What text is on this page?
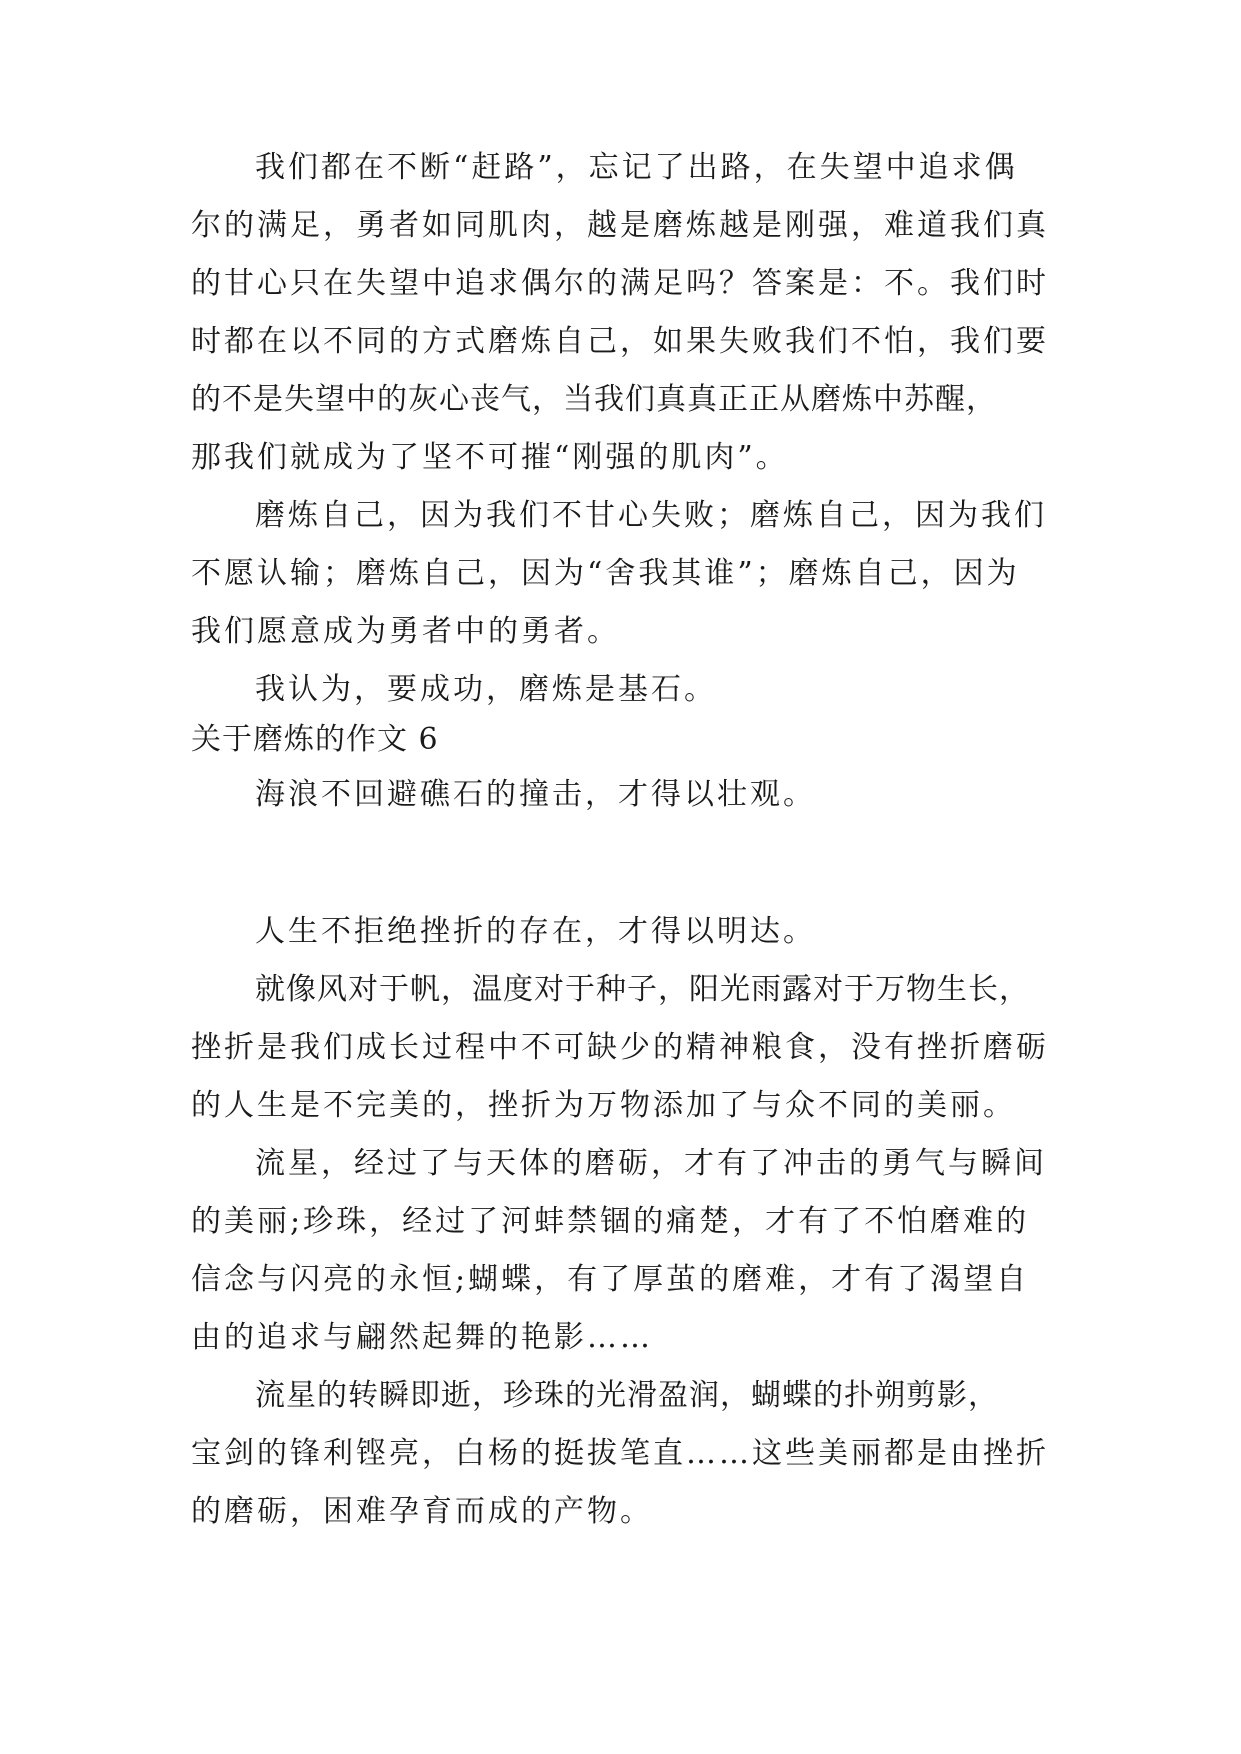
我们都在不断“赶路”，忘记了出路，在失望中追求偶
尔的满足，勇者如同肌肉，越是磨炼越是刚强，难道我们真
的甘心只在失望中追求偶尔的满足吗？答案是：不。我们时
时都在以不同的方式磨炼自己，如果失败我们不怕，我们要
的不是失望中的灰心丧气，当我们真真正正从磨炼中苏醒，
那我们就成为了坚不可摧“刚强的肌肉”。
磨炼自己，因为我们不甘心失败；磨炼自己，因为我们
不愿认输；磨炼自己，因为“舍我其谁”；磨炼自己，因为
我们愿意成为勇者中的勇者。
我认为，要成功，磨炼是基石。
关于磨炼的作文 6
海浪不回避礁石的撞击，才得以壮观。
人生不拒绝挫折的存在，才得以明达。
就像风对于帆，温度对于种子，阳光雨露对于万物生长，
挫折是我们成长过程中不可缺少的精神粮食，没有挫折磨砺
的人生是不完美的，挫折为万物添加了与众不同的美丽。
流星，经过了与天体的磨砺，才有了冲击的勇气与瞬间
的美丽;珍珠，经过了河蚌禁锢的痛楚，才有了不怕磨难的
信念与闪亮的永恒;蝴蝶，有了厚茧的磨难，才有了渴望自
由的追求与翩然起舞的艳影……
流星的转瞬即逝，珍珠的光滑盈润，蝴蝶的扑朔剪影，
宝剑的锋利铿亮，白杨的挺拔笔直……这些美丽都是由挫折
的磨砺，困难孕育而成的产物。
